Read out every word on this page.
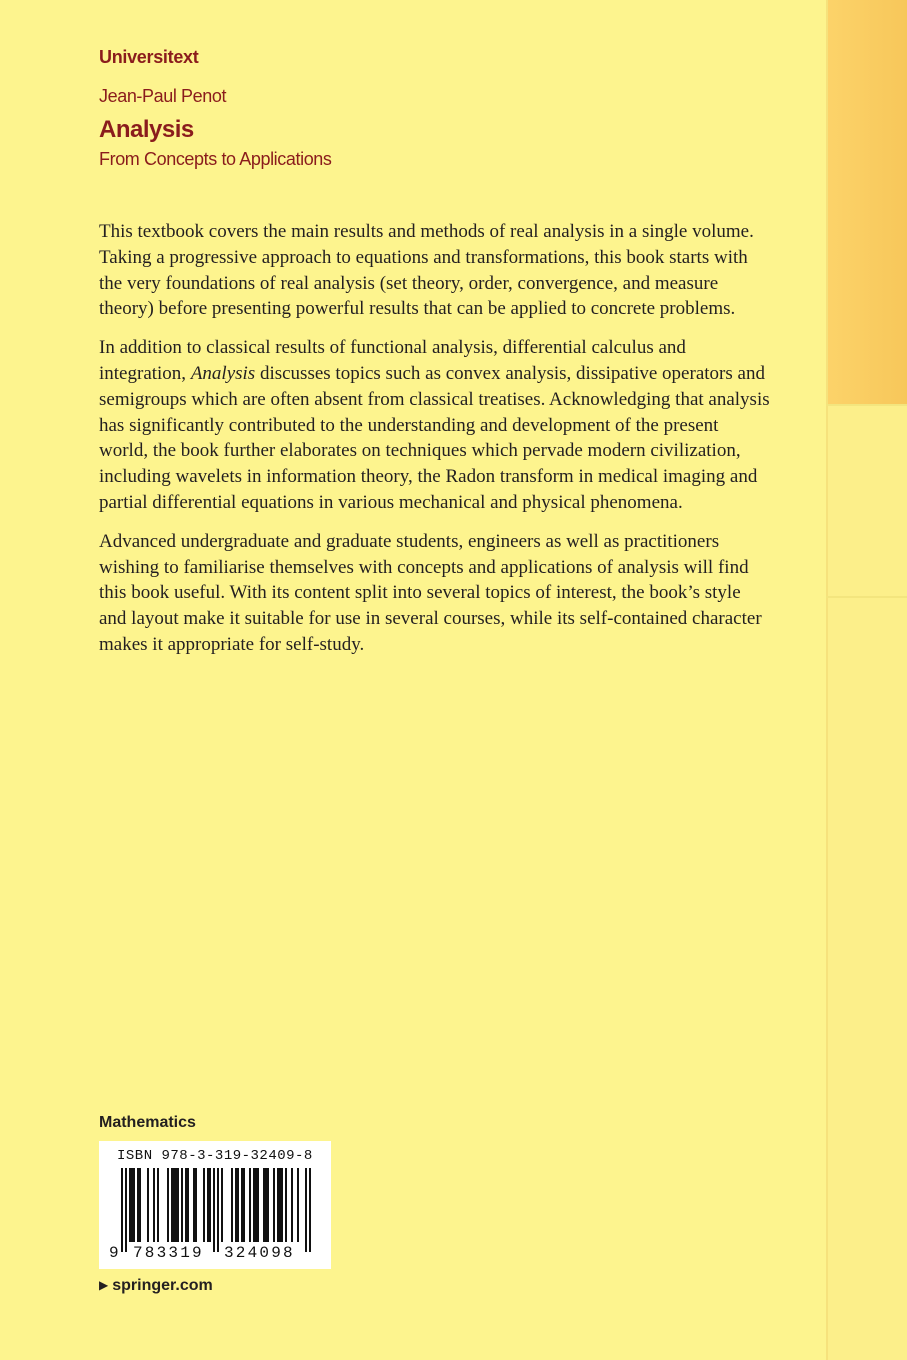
Universitext
Jean-Paul Penot
Analysis
From Concepts to Applications

This textbook covers the main results and methods of real analysis in a single volume. Taking a progressive approach to equations and transformations, this book starts with the very foundations of real analysis (set theory, order, convergence, and measure theory) before presenting powerful results that can be applied to concrete problems.

In addition to classical results of functional analysis, differential calculus and integration, Analysis discusses topics such as convex analysis, dissipative operators and semigroups which are often absent from classical treatises. Acknowledging that analysis has significantly contributed to the understanding and development of the present world, the book further elaborates on techniques which pervade modern civilization, including wavelets in information theory, the Radon transform in medical imaging and partial differential equations in various mechanical and physical phenomena.

Advanced undergraduate and graduate students, engineers as well as practitioners wishing to familiarise themselves with concepts and applications of analysis will find this book useful. With its content split into several topics of interest, the book’s style and layout make it suitable for use in several courses, while its self-contained character makes it appropriate for self-study.

Mathematics
ISBN 978-3-319-32409-8
9 783319 324098
▶ springer.com
